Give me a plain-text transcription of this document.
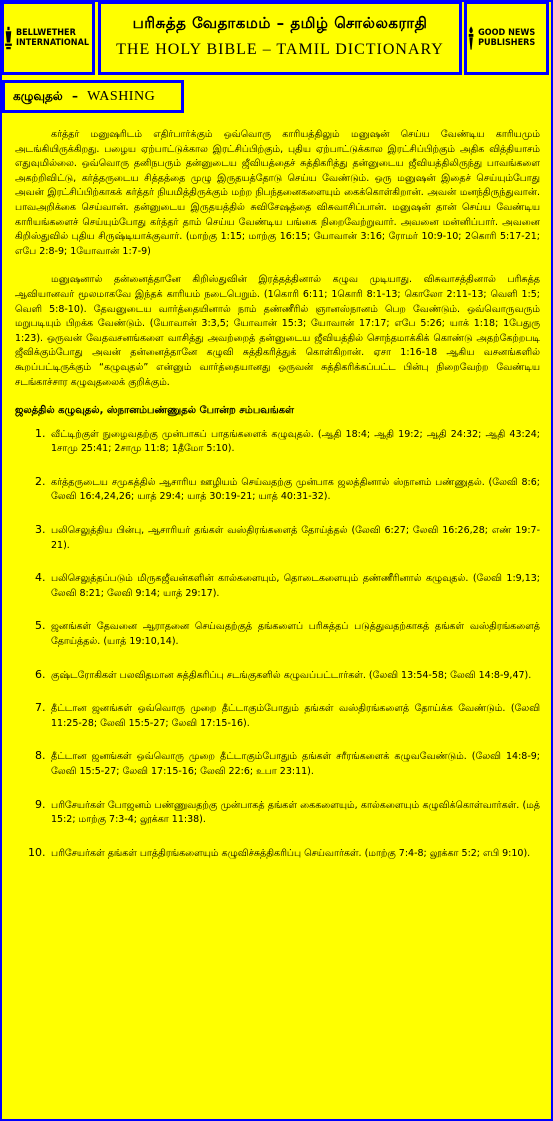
BELLWETHER INTERNATIONAL
பரிசுத்த வேதாகமம் – தமிழ் சொல்லகராதி
THE HOLY BIBLE – TAMIL DICTIONARY
GOOD NEWS PUBLISHERS
கழுவுதல் – WASHING

கர்த்தர் மனுஷரிடம் எதிர்பார்க்கும் ஒவ்வொரு காரியத்திலும் மனுஷன் செய்ய வேண்டிய காரியமும் அடங்கியிருக்கிறது. பழைய ஏற்பாட்டுக்கால இரட்சிப்பிற்கும், புதிய ஏற்பாட்டுக்கால இரட்சிப்பிற்கும் அதிக வித்தியாசம் எதுவுமில்லை. ஒவ்வொரு தனிநபரும் தன்னுடைய ஜீவியத்தைச் சுத்திகரித்து தன்னுடைய ஜீவியத்திலிருந்து பாவங்களை அகற்றிவிட்டு, கர்த்தருடைய சித்தத்தை முழு இருதயத்தோடு செய்ய வேண்டும். ஒரு மனுஷன் இதைச் செய்யும்போது அவன் இரட்சிப்பிற்காகக் கர்த்தர் நியமித்திருக்கும் மற்ற நிபந்தனைகளையும் கைக்கொள்கிறான். அவன் மனந்திருந்துவான். பாவஅறிக்கை செய்வான். தன்னுடைய இருதயத்தில் சுவிசேஷத்தை விசுவாசிப்பான். மனுஷன் தான் செய்ய வேண்டிய காரியங்களைச் செய்யும்போது கர்த்தர் தாம் செய்ய வேண்டிய பங்கை நிறைவேற்றுவார். அவனை மன்னிப்பார். அவனை கிறிஸ்துவில் புதிய சிருஷ்டியாக்குவார். (மாற்கு 1:15; மாற்கு 16:15; யோவான் 3:16; ரோமர் 10:9-10; 2கொரி 5:17-21; எபே 2:8-9; 1யோவான் 1:7-9)

மனுஷனால் தன்னைத்தானே கிறிஸ்துவின் இரத்தத்தினால் கழுவ முடியாது. விசுவாசத்தினால் பரிசுத்த ஆவியானவர் மூலமாகவே இந்தக் காரியம் நடைபெறும். (1கொரி 6:11; 1கொரி 8:1-13; கொலோ 2:11-13; வெளி 1:5; வெளி 5:8-10). தேவனுடைய வார்த்தையினால் நாம் தண்ணீரில் ஞானஸ்நானம் பெற வேண்டும். ஒவ்வொருவரும் மறுபடியும் பிறக்க வேண்டும். (யோவான் 3:3,5; யோவான் 15:3; யோவான் 17:17; எபே 5:26; யாக் 1:18; 1பேதுரு 1:23). ஒருவன் வேதவசனங்களை வாசித்து அவற்றைத் தன்னுடைய ஜீவியத்தில் சொந்தமாக்கிக் கொண்டு அதற்கேற்றபடி ஜீவிக்கும்போது அவன் தன்னைத்தானே கழுவி சுத்திகரித்துக் கொள்கிறான். ஏசா 1:16-18 ஆகிய வசனங்களில் கூறப்பட்டிருக்கும் “கழுவுதல்” என்னும் வார்த்தையானது ஒருவன் சுத்திகரிக்கப்பட்ட பின்பு நிறைவேற்ற வேண்டிய சடங்காச்சார கழுவுதலைக் குறிக்கும்.

ஜலத்தில் கழுவுதல், ஸ்நானம்பண்ணுதல் போன்ற சம்பவங்கள்
1. வீட்டிற்குள் நுழைவதற்கு முன்பாகப் பாதங்களைக் கழுவுதல். (ஆதி 18:4; ஆதி 19:2; ஆதி 24:32; ஆதி 43:24; 1சாமு 25:41; 2சாமு 11:8; 1தீமோ 5:10).
2. கர்த்தருடைய சமுகத்தில் ஆசாரிய ஊழியம் செய்வதற்கு முன்பாக ஜலத்தினால் ஸ்நானம் பண்ணுதல். (லேவி 8:6; லேவி 16:4,24,26; யாத் 29:4; யாத் 30:19-21; யாத் 40:31-32).
3. பலிசெலுத்திய பின்பு, ஆசாரியர் தங்கள் வஸ்திரங்களைத் தோய்த்தல் (லேவி 6:27; லேவி 16:26,28; எண் 19:7-21).
4. பலிசெலுத்தப்படும் மிருகஜீவன்களின் கால்களையும், தொடைகளையும் தண்ணீரினால் கழுவுதல். (லேவி 1:9,13; லேவி 8:21; லேவி 9:14; யாத் 29:17).
5. ஜனங்கள் தேவனை ஆராதனை செய்வதற்குத் தங்களைப் பரிசுத்தப் படுத்துவதற்காகத் தங்கள் வஸ்திரங்களைத் தோய்த்தல். (யாத் 19:10,14).
6. குஷ்டரோகிகள் பலவிதமான சுத்திகரிப்பு சடங்குகளில் கழுவப்பட்டார்கள். (லேவி 13:54-58; லேவி 14:8-9,47).
7. தீட்டான ஜனங்கள் ஒவ்வொரு முறை தீட்டாகும்போதும் தங்கள் வஸ்திரங்களைத் தோய்க்க வேண்டும். (லேவி 11:25-28; லேவி 15:5-27; லேவி 17:15-16).
8. தீட்டான ஜனங்கள் ஒவ்வொரு முறை தீட்டாகும்போதும் தங்கள் சரீரங்களைக் கழுவவேண்டும். (லேவி 14:8-9; லேவி 15:5-27; லேவி 17:15-16; லேவி 22:6; உபா 23:11).
9. பரிசேயர்கள் போஜனம் பண்ணுவதற்கு முன்பாகத் தங்கள் கைகளையும், கால்களையும் கழுவிக்கொள்வார்கள். (மத் 15:2; மாற்கு 7:3-4; லூக்கா 11:38).
10. பரிசேயர்கள் தங்கள் பாத்திரங்களையும் கழுவிச்சுத்திகரிப்பு செய்வார்கள். (மாற்கு 7:4-8; லூக்கா 5:2; எபி 9:10).
